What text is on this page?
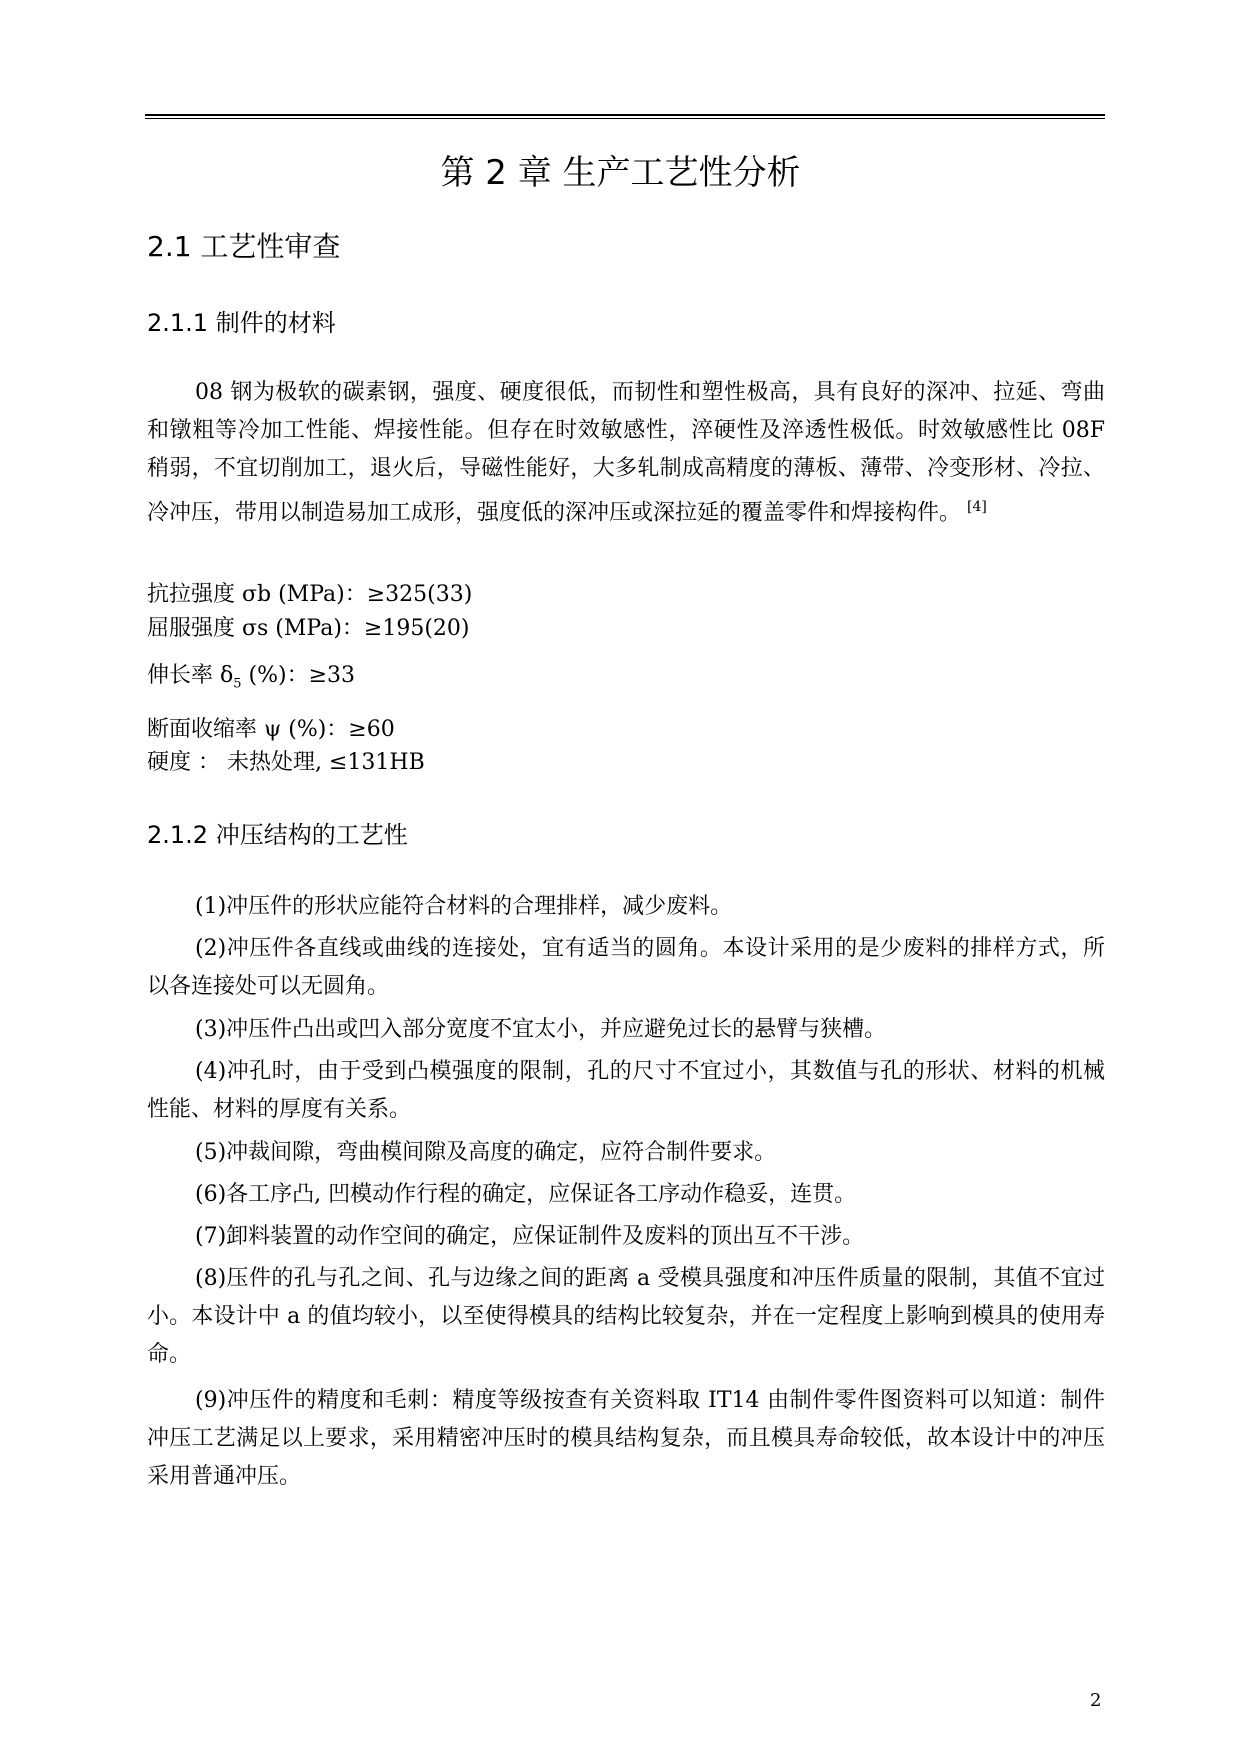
第 2 章 生产工艺性分析
2.1 工艺性审查
2.1.1 制件的材料
08 钢为极软的碳素钢，强度、硬度很低，而韧性和塑性极高，具有良好的深冲、拉延、弯曲和镦粗等冷加工性能、焊接性能。但存在时效敏感性，淬硬性及淬透性极低。时效敏感性比 08F 稍弱，不宜切削加工，退火后，导磁性能好，大多轧制成高精度的薄板、薄带、冷变形材、冷拉、冷冲压，带用以制造易加工成形，强度低的深冲压或深拉延的覆盖零件和焊接构件。 [4]
抗拉强度 σb (MPa)：≥325(33)
屈服强度 σs (MPa)：≥195(20)
伸长率 $\delta_5$ (%)：≥33
断面收缩率 ψ (%)：≥60
硬度 ： 未热处理, ≤131HB
2.1.2 冲压结构的工艺性
(1)冲压件的形状应能符合材料的合理排样，减少废料。
(2)冲压件各直线或曲线的连接处，宜有适当的圆角。本设计采用的是少废料的排样方式，所以各连接处可以无圆角。
(3)冲压件凸出或凹入部分宽度不宜太小，并应避免过长的悬臂与狭槽。
(4)冲孔时，由于受到凸模强度的限制，孔的尺寸不宜过小，其数值与孔的形状、材料的机械性能、材料的厚度有关系。
(5)冲裁间隙，弯曲模间隙及高度的确定，应符合制件要求。
(6)各工序凸, 凹模动作行程的确定，应保证各工序动作稳妥，连贯。
(7)卸料装置的动作空间的确定，应保证制件及废料的顶出互不干涉。
(8)压件的孔与孔之间、孔与边缘之间的距离 a 受模具强度和冲压件质量的限制，其值不宜过小。本设计中 a 的值均较小，以至使得模具的结构比较复杂，并在一定程度上影响到模具的使用寿命。
(9)冲压件的精度和毛刺：精度等级按查有关资料取 IT14 由制件零件图资料可以知道：制件冲压工艺满足以上要求，采用精密冲压时的模具结构复杂，而且模具寿命较低，故本设计中的冲压采用普通冲压。
2
